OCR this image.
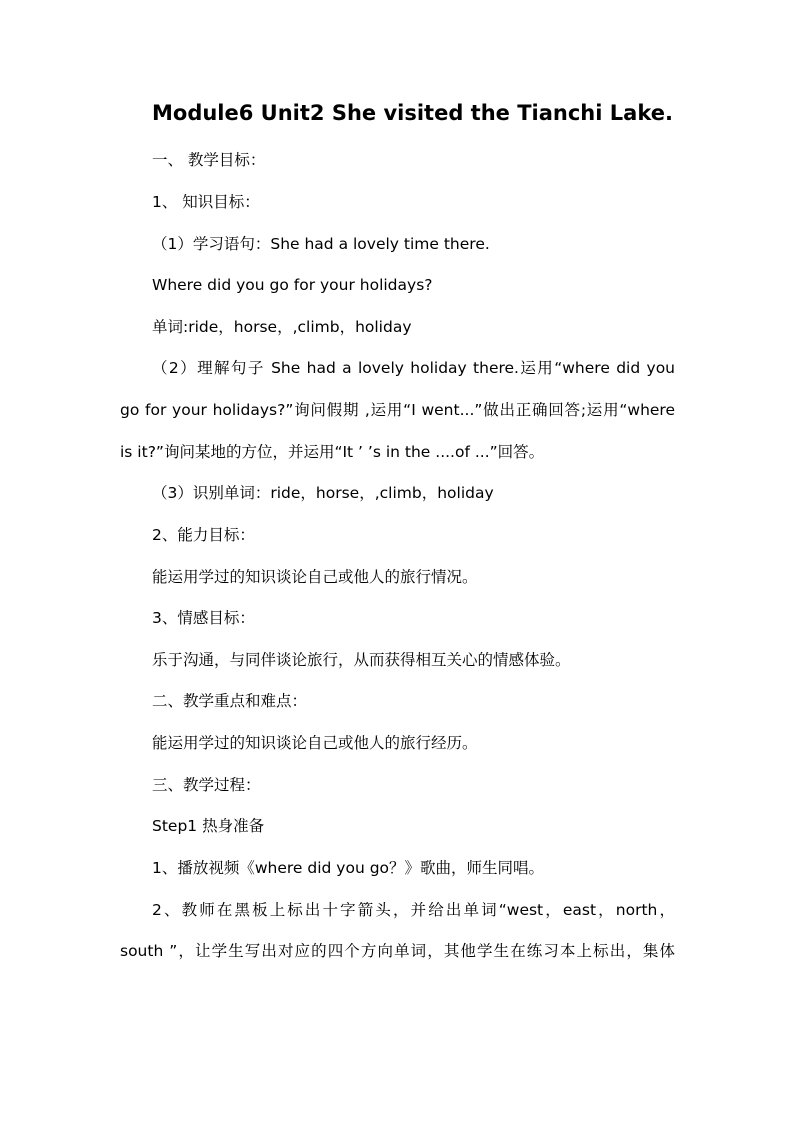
Module6 Unit2 She visited the Tianchi Lake.
一、 教学目标：
1、 知识目标：
（1）学习语句：She had a lovely time there.
Where did you go for your holidays?
单词:ride，horse，,climb，holiday
（2）理解句子 She had a lovely holiday there.运用“where did you
go for your holidays?”询问假期 ,运用“I went...”做出正确回答;运用“where
is it?”询问某地的方位，并运用“It ’ ’s in the ....of ...”回答。
（3）识别单词：ride，horse，,climb，holiday
2、能力目标：
能运用学过的知识谈论自己或他人的旅行情况。
3、情感目标：
乐于沟通，与同伴谈论旅行，从而获得相互关心的情感体验。
二、教学重点和难点：
能运用学过的知识谈论自己或他人的旅行经历。
三、教学过程：
Step1 热身准备
1、播放视频《where did you go？》歌曲，师生同唱。
2、教师在黑板上标出十字箭头，并给出单词“west，east，north，
south ”，让学生写出对应的四个方向单词，其他学生在练习本上标出，集体
